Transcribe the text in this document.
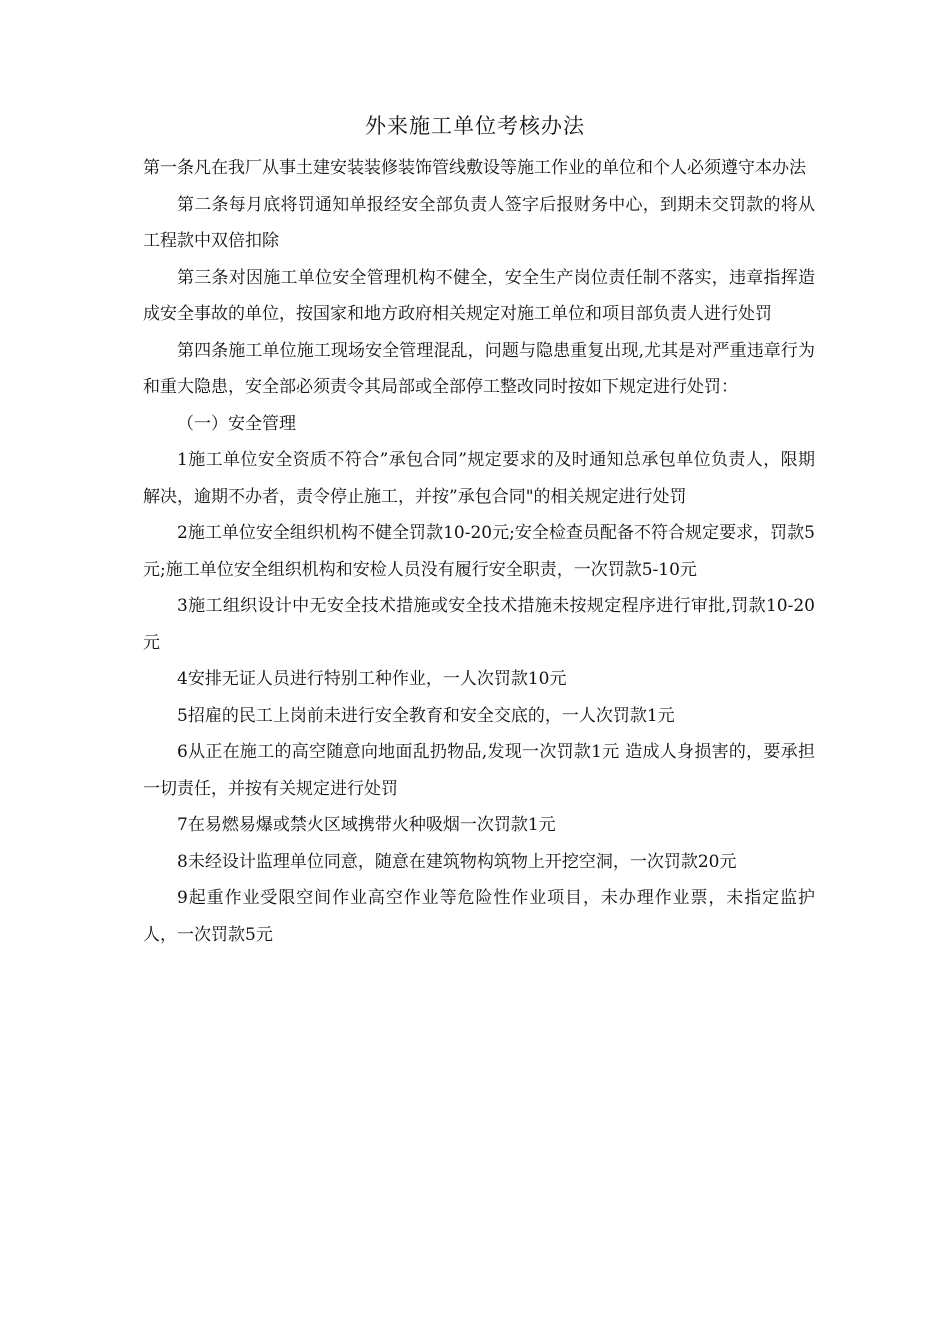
外来施工单位考核办法

第一条凡在我厂从事土建安装装修装饰管线敷设等施工作业的单位和个人必须遵守本办法

第二条每月底将罚通知单报经安全部负责人签字后报财务中心，到期未交罚款的将从工程款中双倍扣除

第三条对因施工单位安全管理机构不健全，安全生产岗位责任制不落实，违章指挥造成安全事故的单位，按国家和地方政府相关规定对施工单位和项目部负责人进行处罚

第四条施工单位施工现场安全管理混乱，问题与隐患重复出现,尤其是对严重违章行为和重大隐患，安全部必须责令其局部或全部停工整改同时按如下规定进行处罚：

（一）安全管理

1施工单位安全资质不符合”承包合同”规定要求的及时通知总承包单位负责人，限期解决，逾期不办者，责令停止施工，并按”承包合同"的相关规定进行处罚

2施工单位安全组织机构不健全罚款10-20元;安全检查员配备不符合规定要求，罚款5元;施工单位安全组织机构和安检人员没有履行安全职责，一次罚款5-10元

3施工组织设计中无安全技术措施或安全技术措施未按规定程序进行审批,罚款10-20元

4安排无证人员进行特别工种作业，一人次罚款10元

5招雇的民工上岗前未进行安全教育和安全交底的，一人次罚款1元

6从正在施工的高空随意向地面乱扔物品,发现一次罚款1元 造成人身损害的，要承担一切责任，并按有关规定进行处罚

7在易燃易爆或禁火区域携带火种吸烟一次罚款1元

8未经设计监理单位同意，随意在建筑物构筑物上开挖空洞，一次罚款20元

9起重作业受限空间作业高空作业等危险性作业项目，未办理作业票，未指定监护人，一次罚款5元
